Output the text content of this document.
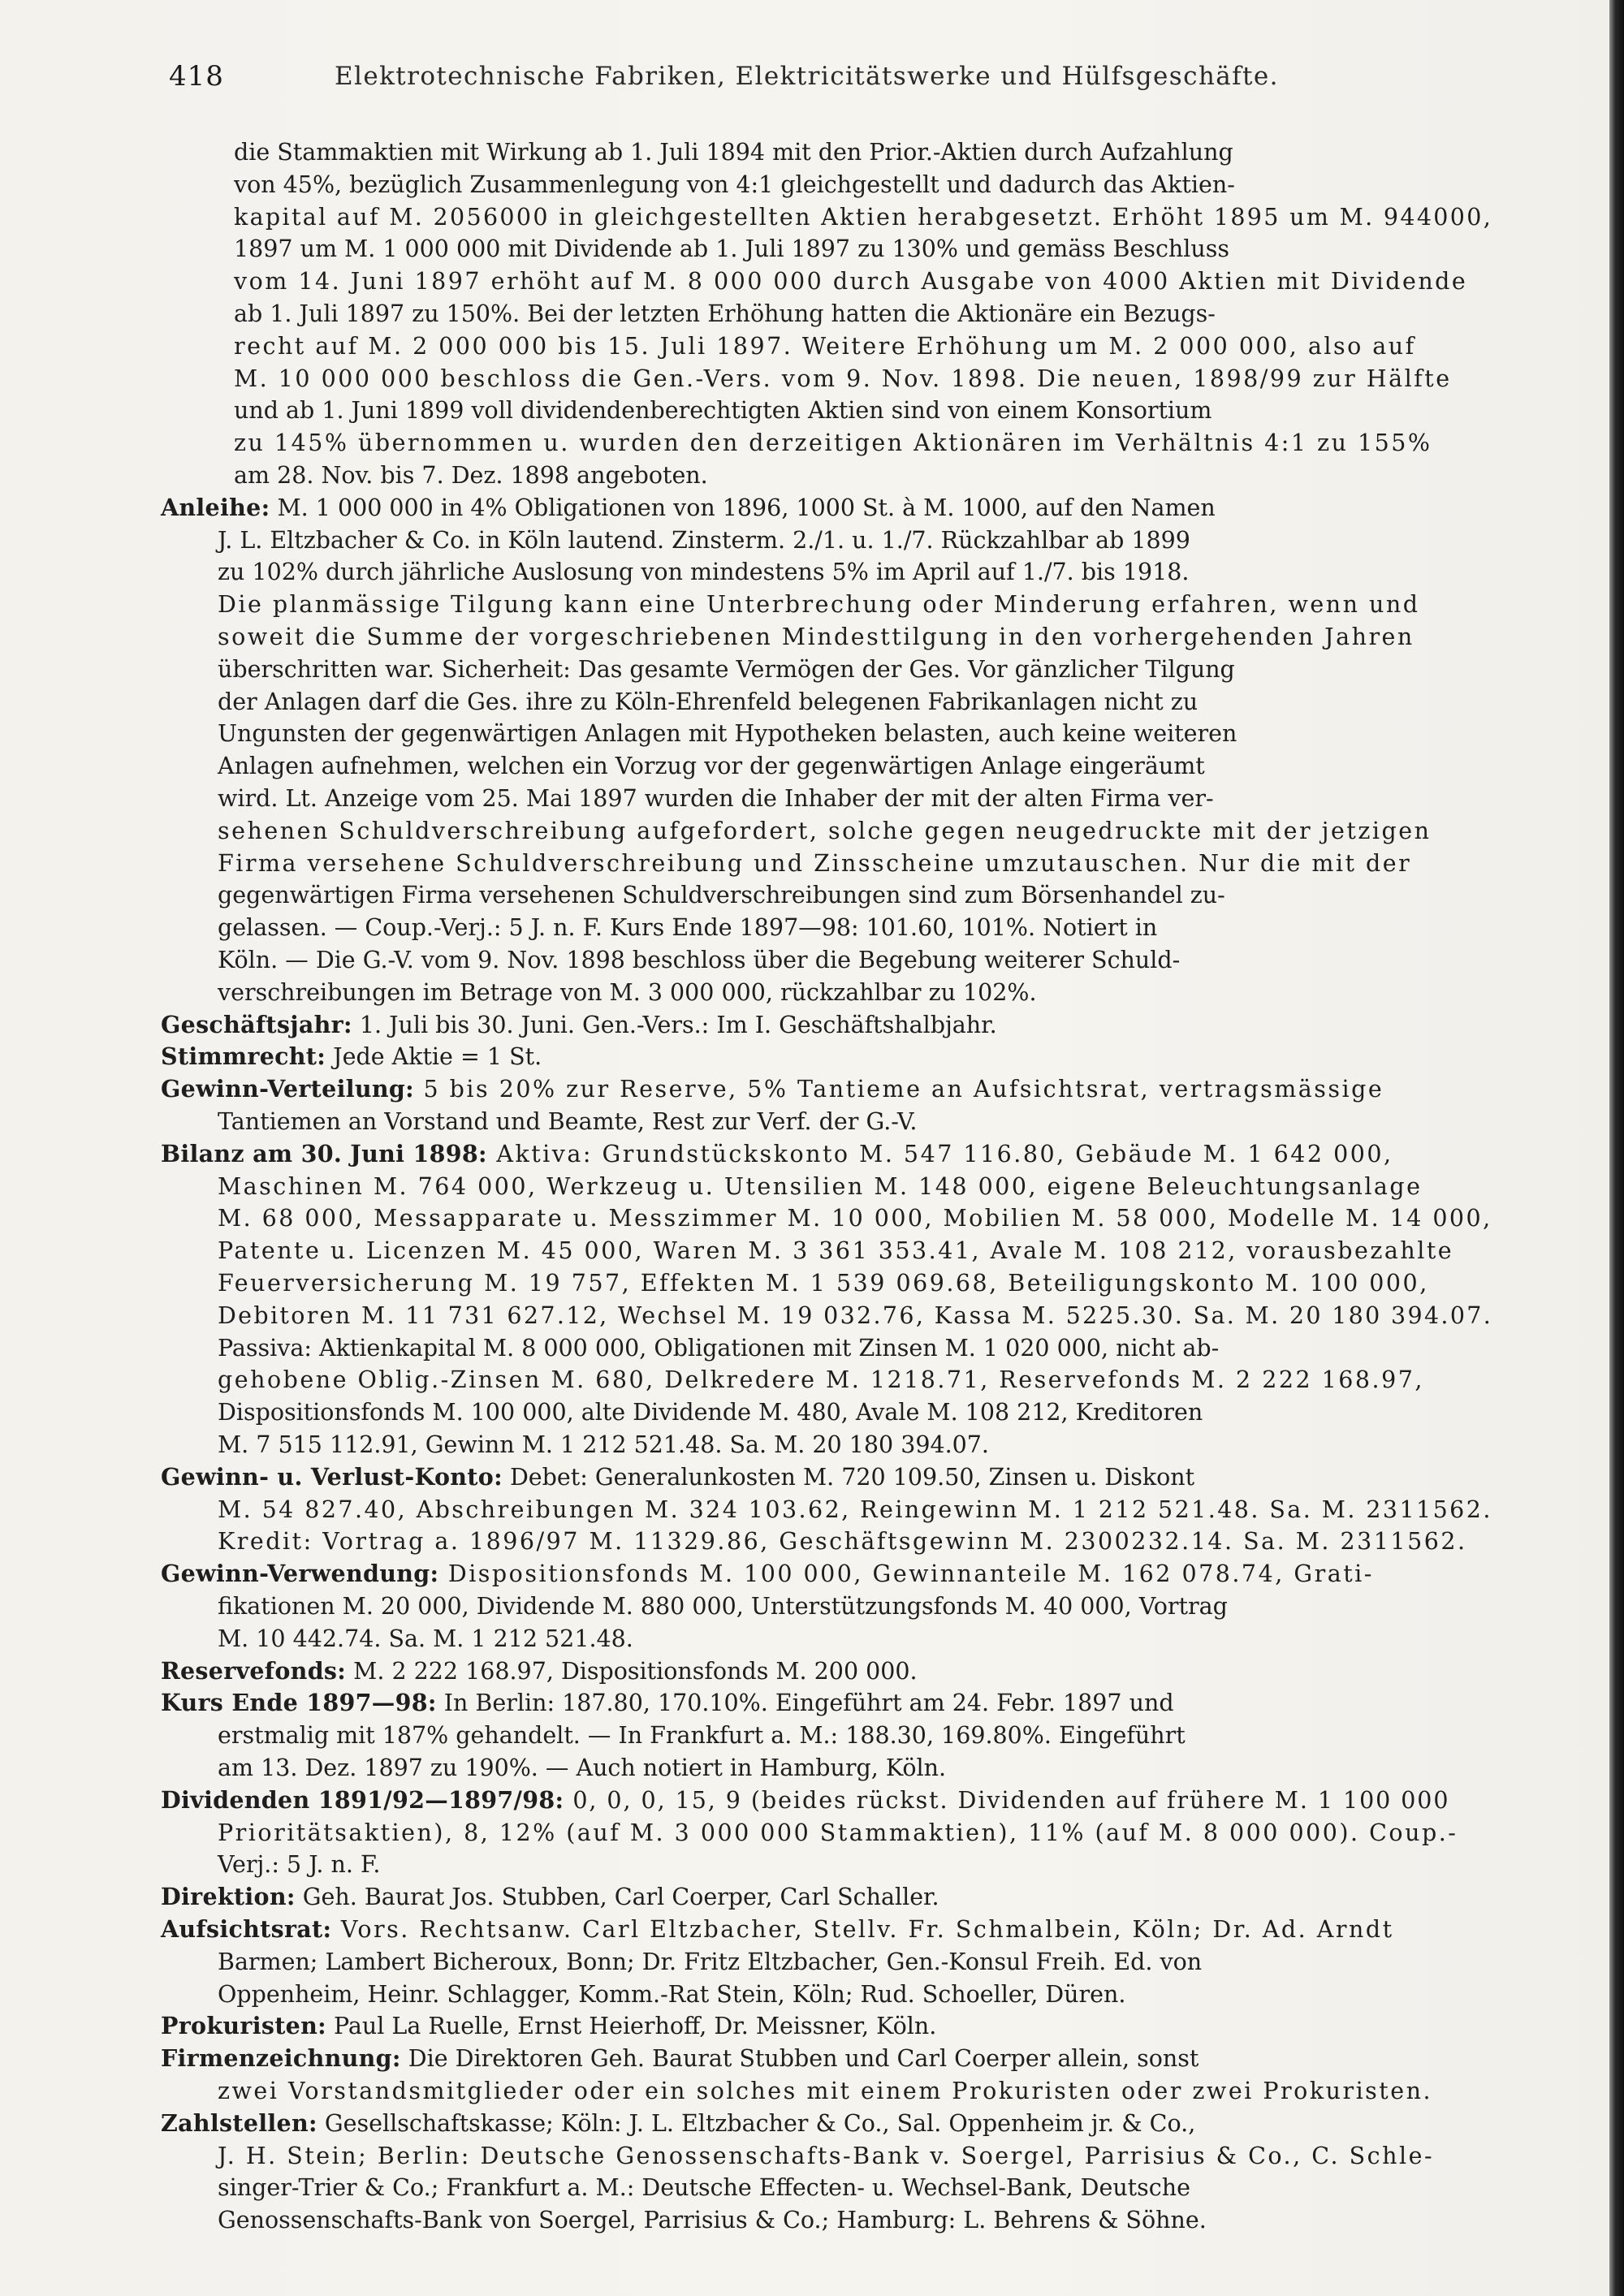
418	Elektrotechnische Fabriken, Elektricitätswerke und Hülfsgeschäfte.
die Stammaktien mit Wirkung ab 1. Juli 1894 mit den Prior.-Aktien durch Aufzahlung
von 45%, bezüglich Zusammenlegung von 4:1 gleichgestellt und dadurch das Aktien-
kapital auf M. 2056000 in gleichgestellten Aktien herabgesetzt. Erhöht 1895 um M. 944000,
1897 um M. 1 000 000 mit Dividende ab 1. Juli 1897 zu 130% und gemäss Beschluss
vom 14. Juni 1897 erhöht auf M. 8 000 000 durch Ausgabe von 4000 Aktien mit Dividende
ab 1. Juli 1897 zu 150%. Bei der letzten Erhöhung hatten die Aktionäre ein Bezugs-
recht auf M. 2 000 000 bis 15. Juli 1897. Weitere Erhöhung um M. 2 000 000, also auf
M. 10 000 000 beschloss die Gen.-Vers. vom 9. Nov. 1898. Die neuen, 1898/99 zur Hälfte
und ab 1. Juni 1899 voll dividendenberechtigten Aktien sind von einem Konsortium
zu 145% übernommen u. wurden den derzeitigen Aktionären im Verhältnis 4:1 zu 155%
am 28. Nov. bis 7. Dez. 1898 angeboten.
Anleihe: M. 1 000 000 in 4% Obligationen von 1896, 1000 St. à M. 1000, auf den Namen
J. L. Eltzbacher & Co. in Köln lautend. Zinsterm. 2./1. u. 1./7. Rückzahlbar ab 1899
zu 102% durch jährliche Auslosung von mindestens 5% im April auf 1./7. bis 1918.
Die planmässige Tilgung kann eine Unterbrechung oder Minderung erfahren, wenn und
soweit die Summe der vorgeschriebenen Mindesttilgung in den vorhergehenden Jahren
überschritten war. Sicherheit: Das gesamte Vermögen der Ges. Vor gänzlicher Tilgung
der Anlagen darf die Ges. ihre zu Köln-Ehrenfeld belegenen Fabrikanlagen nicht zu
Ungunsten der gegenwärtigen Anlagen mit Hypotheken belasten, auch keine weiteren
Anlagen aufnehmen, welchen ein Vorzug vor der gegenwärtigen Anlage eingeräumt
wird. Lt. Anzeige vom 25. Mai 1897 wurden die Inhaber der mit der alten Firma ver-
sehenen Schuldverschreibung aufgefordert, solche gegen neugedruckte mit der jetzigen
Firma versehene Schuldverschreibung und Zinsscheine umzutauschen. Nur die mit der
gegenwärtigen Firma versehenen Schuldverschreibungen sind zum Börsenhandel zu-
gelassen. — Coup.-Verj.: 5 J. n. F. Kurs Ende 1897—98: 101.60, 101%. Notiert in
Köln. — Die G.-V. vom 9. Nov. 1898 beschloss über die Begebung weiterer Schuld-
verschreibungen im Betrage von M. 3 000 000, rückzahlbar zu 102%.
Geschäftsjahr: 1. Juli bis 30. Juni. Gen.-Vers.: Im I. Geschäftshalbjahr.
Stimmrecht: Jede Aktie = 1 St.
Gewinn-Verteilung: 5 bis 20% zur Reserve, 5% Tantieme an Aufsichtsrat, vertragsmässige
Tantiemen an Vorstand und Beamte, Rest zur Verf. der G.-V.
Bilanz am 30. Juni 1898: Aktiva: Grundstückskonto M. 547 116.80, Gebäude M. 1 642 000,
Maschinen M. 764 000, Werkzeug u. Utensilien M. 148 000, eigene Beleuchtungsanlage
M. 68 000, Messapparate u. Messzimmer M. 10 000, Mobilien M. 58 000, Modelle M. 14 000,
Patente u. Licenzen M. 45 000, Waren M. 3 361 353.41, Avale M. 108 212, vorausbezahlte
Feuerversicherung M. 19 757, Effekten M. 1 539 069.68, Beteiligungskonto M. 100 000,
Debitoren M. 11 731 627.12, Wechsel M. 19 032.76, Kassa M. 5225.30. Sa. M. 20 180 394.07.
Passiva: Aktienkapital M. 8 000 000, Obligationen mit Zinsen M. 1 020 000, nicht ab-
gehobene Oblig.-Zinsen M. 680, Delkredere M. 1218.71, Reservefonds M. 2 222 168.97,
Dispositionsfonds M. 100 000, alte Dividende M. 480, Avale M. 108 212, Kreditoren
M. 7 515 112.91, Gewinn M. 1 212 521.48. Sa. M. 20 180 394.07.
Gewinn- u. Verlust-Konto: Debet: Generalunkosten M. 720 109.50, Zinsen u. Diskont
M. 54 827.40, Abschreibungen M. 324 103.62, Reingewinn M. 1 212 521.48. Sa. M. 2311562.
Kredit: Vortrag a. 1896/97 M. 11329.86, Geschäftsgewinn M. 2300232.14. Sa. M. 2311562.
Gewinn-Verwendung: Dispositionsfonds M. 100 000, Gewinnanteile M. 162 078.74, Grati-
fikationen M. 20 000, Dividende M. 880 000, Unterstützungsfonds M. 40 000, Vortrag
M. 10 442.74. Sa. M. 1 212 521.48.
Reservefonds: M. 2 222 168.97, Dispositionsfonds M. 200 000.
Kurs Ende 1897—98: In Berlin: 187.80, 170.10%. Eingeführt am 24. Febr. 1897 und
erstmalig mit 187% gehandelt. — In Frankfurt a. M.: 188.30, 169.80%. Eingeführt
am 13. Dez. 1897 zu 190%. — Auch notiert in Hamburg, Köln.
Dividenden 1891/92—1897/98: 0, 0, 0, 15, 9 (beides rückst. Dividenden auf frühere M. 1 100 000
Prioritätsaktien), 8, 12% (auf M. 3 000 000 Stammaktien), 11% (auf M. 8 000 000). Coup.-
Verj.: 5 J. n. F.
Direktion: Geh. Baurat Jos. Stubben, Carl Coerper, Carl Schaller.
Aufsichtsrat: Vors. Rechtsanw. Carl Eltzbacher, Stellv. Fr. Schmalbein, Köln; Dr. Ad. Arndt
Barmen; Lambert Bicheroux, Bonn; Dr. Fritz Eltzbacher, Gen.-Konsul Freih. Ed. von
Oppenheim, Heinr. Schlagger, Komm.-Rat Stein, Köln; Rud. Schoeller, Düren.
Prokuristen: Paul La Ruelle, Ernst Heierhoff, Dr. Meissner, Köln.
Firmenzeichnung: Die Direktoren Geh. Baurat Stubben und Carl Coerper allein, sonst
zwei Vorstandsmitglieder oder ein solches mit einem Prokuristen oder zwei Prokuristen.
Zahlstellen: Gesellschaftskasse; Köln: J. L. Eltzbacher & Co., Sal. Oppenheim jr. & Co.,
J. H. Stein; Berlin: Deutsche Genossenschafts-Bank v. Soergel, Parrisius & Co., C. Schle-
singer-Trier & Co.; Frankfurt a. M.: Deutsche Effecten- u. Wechsel-Bank, Deutsche
Genossenschafts-Bank von Soergel, Parrisius & Co.; Hamburg: L. Behrens & Söhne.
